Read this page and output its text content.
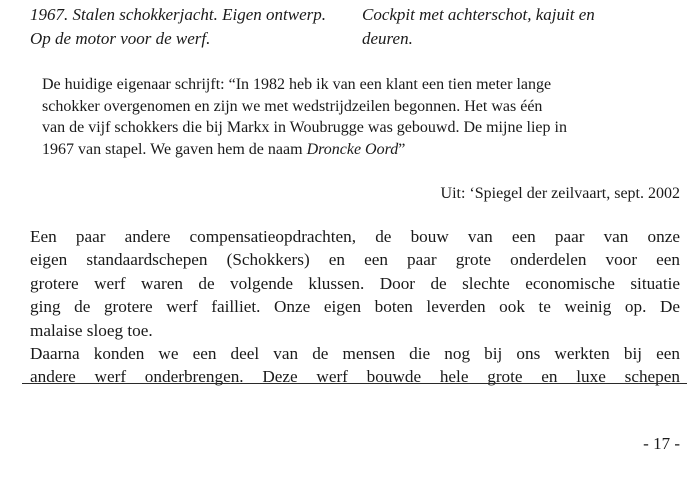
1967. Stalen schokkerjacht. Eigen ontwerp.
Op de motor voor de werf.
Cockpit met achterschot, kajuit en
deuren.
De huidige eigenaar schrijft: “In 1982 heb ik van een klant een tien meter lange
schokker overgenomen en zijn we met wedstrijdzeilen begonnen. Het was één
van de vijf schokkers die bij Markx in Woubrugge was gebouwd. De mijne liep in
1967 van stapel. We gaven hem de naam Droncke Oord”
Uit: ‘Spiegel der zeilvaart, sept. 2002
Een paar andere compensatieopdrachten, de bouw van een paar van onze
eigen standaardschepen (Schokkers) en een paar grote onderdelen voor een
grotere werf waren de volgende klussen. Door de slechte economische situatie
ging de grotere werf failliet. Onze eigen boten leverden ook te weinig op. De
malaise sloeg toe.
Daarna konden we een deel van de mensen die nog bij ons werkten bij een
andere werf onderbrengen. Deze werf bouwde hele grote en luxe schepen
- 17 -
